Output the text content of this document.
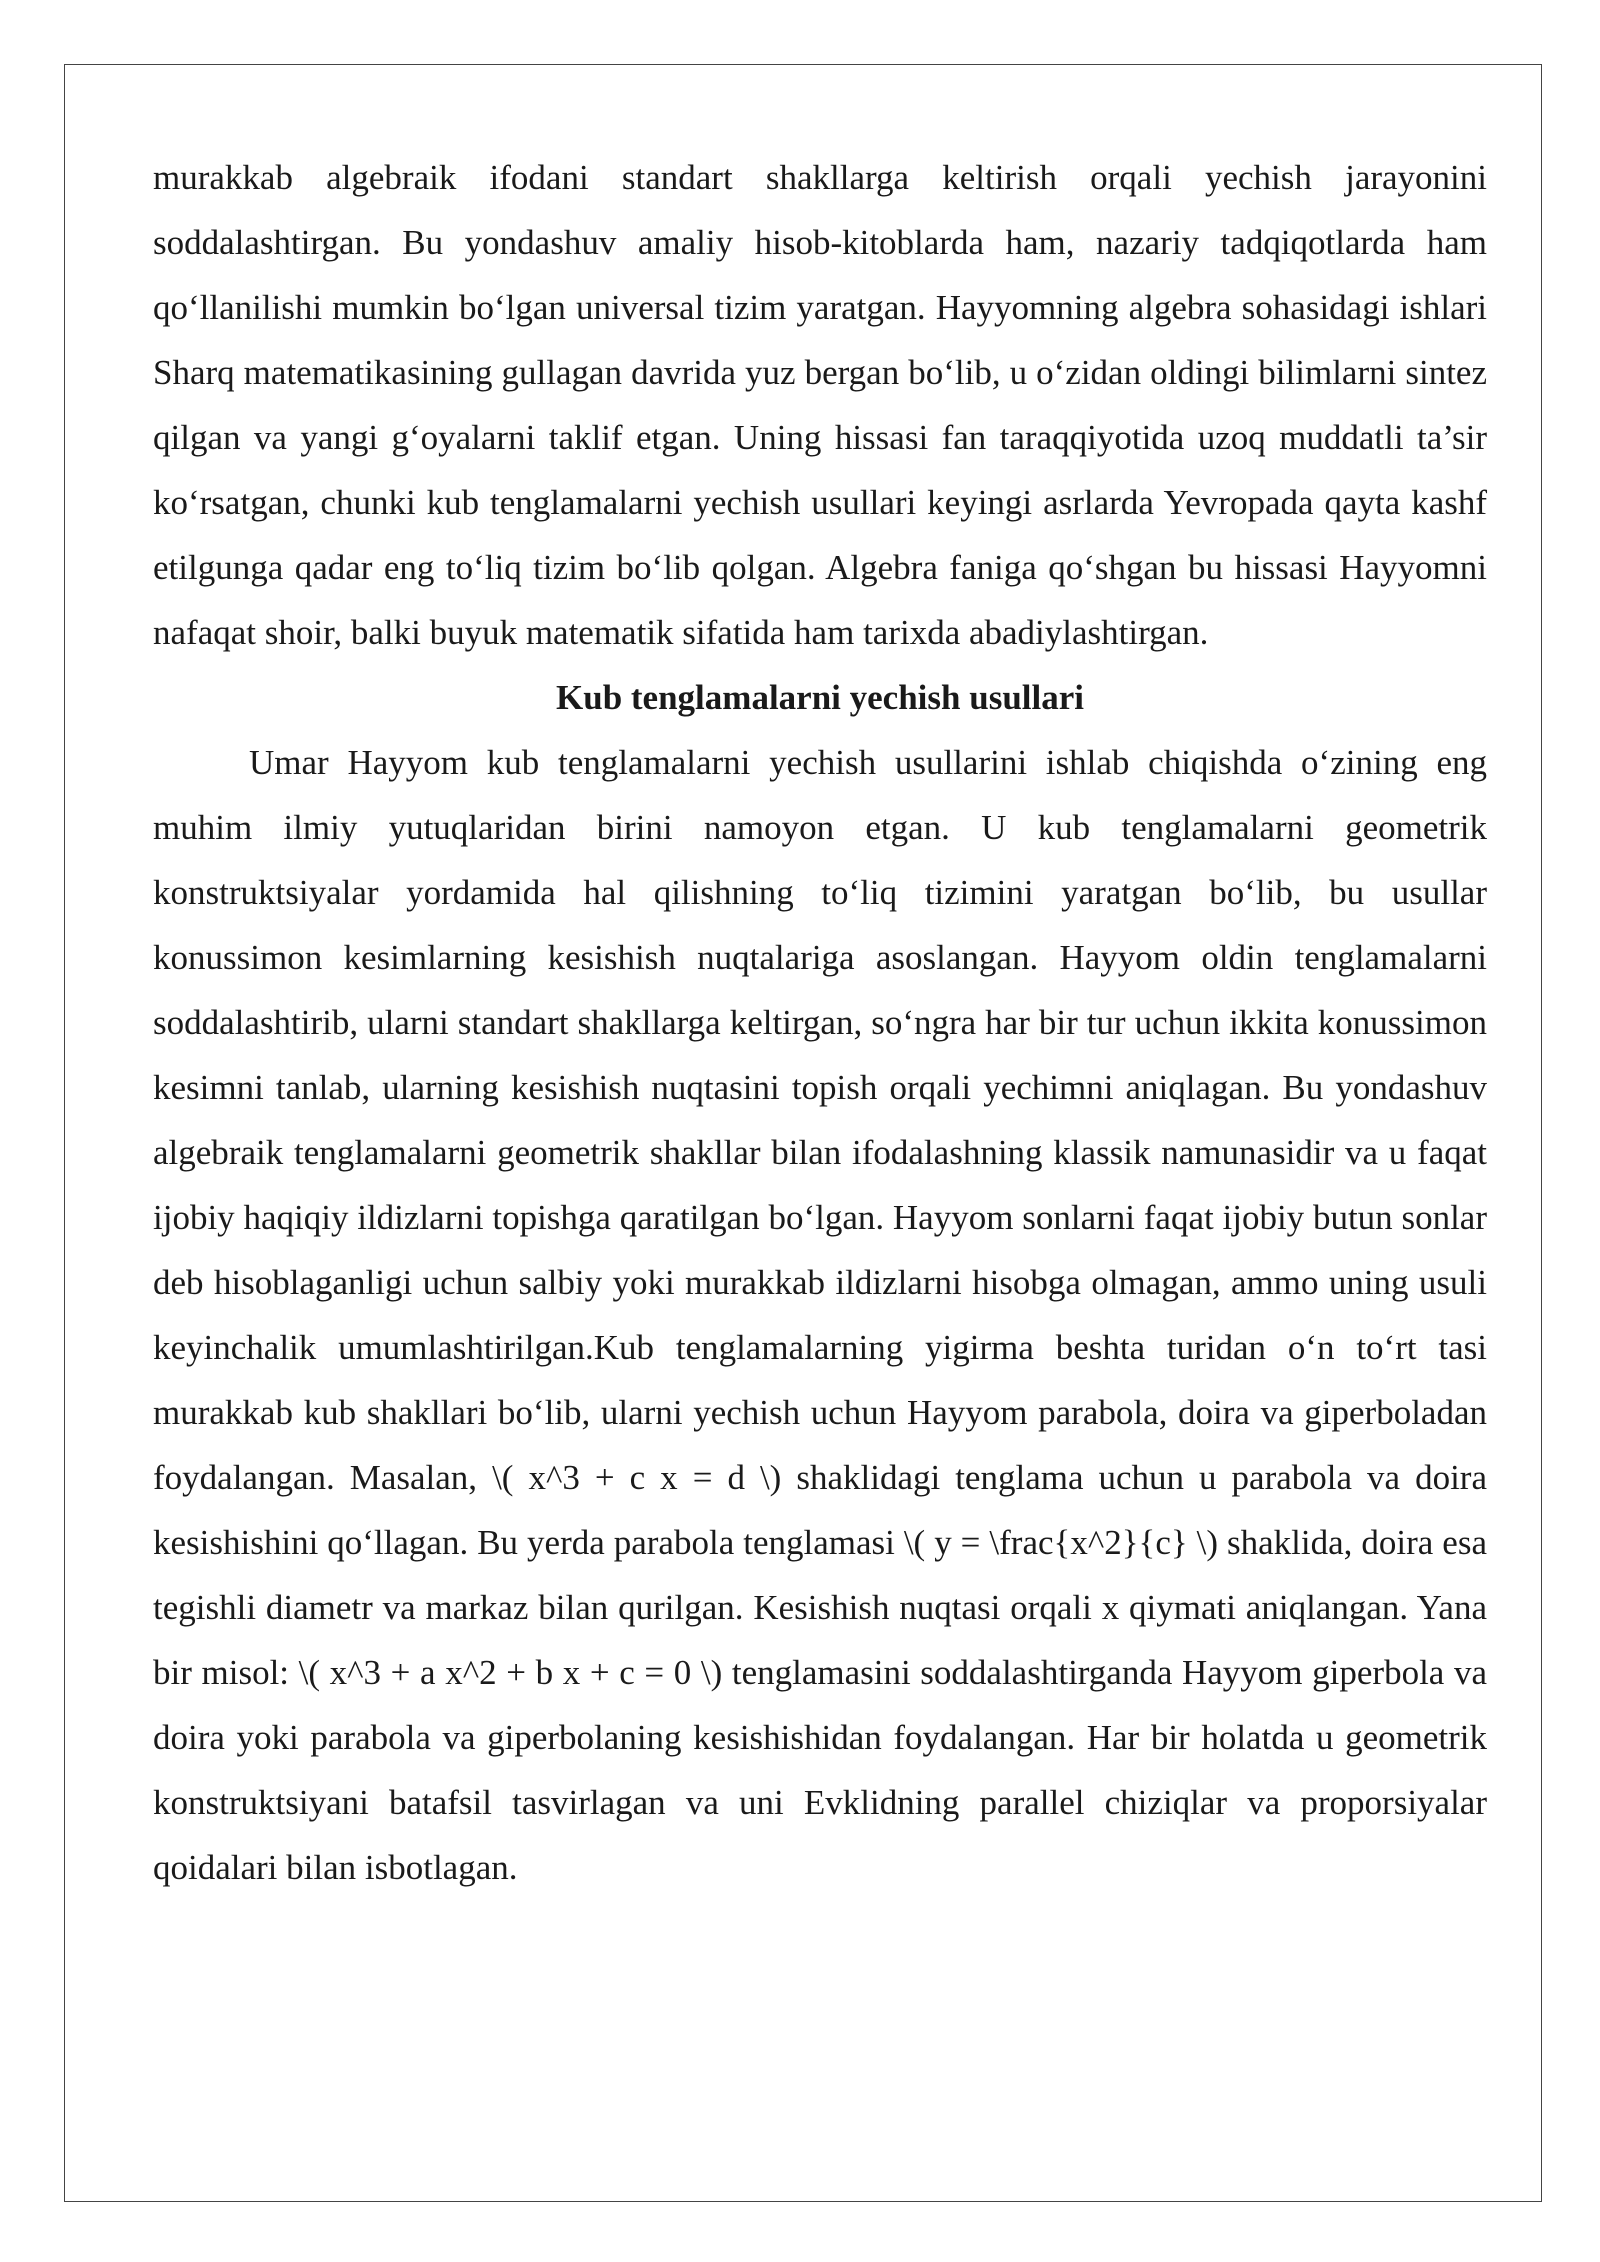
murakkab algebraik ifodani standart shakllarga keltirish orqali yechish jarayonini soddalashtirgan. Bu yondashuv amaliy hisob-kitoblarda ham, nazariy tadqiqotlarda ham qo‘llanilishi mumkin bo‘lgan universal tizim yaratgan. Hayyomning algebra sohasidagi ishlari Sharq matematikasining gullagan davrida yuz bergan bo‘lib, u o‘zidan oldingi bilimlarni sintez qilgan va yangi g‘oyalarni taklif etgan. Uning hissasi fan taraqqiyotida uzoq muddatli ta’sir ko‘rsatgan, chunki kub tenglamalarni yechish usullari keyingi asrlarda Yevropada qayta kashf etilgunga qadar eng to‘liq tizim bo‘lib qolgan. Algebra faniga qo‘shgan bu hissasi Hayyomni nafaqat shoir, balki buyuk matematik sifatida ham tarixda abadiylashtirgan.

Kub tenglamalarni yechish usullari

Umar Hayyom kub tenglamalarni yechish usullarini ishlab chiqishda o‘zining eng muhim ilmiy yutuqlaridan birini namoyon etgan. U kub tenglamalarni geometrik konstruktsiyalar yordamida hal qilishning to‘liq tizimini yaratgan bo‘lib, bu usullar konussimon kesimlarning kesishish nuqtalariga asoslangan. Hayyom oldin tenglamalarni soddalashtirib, ularni standart shakllarga keltirgan, so‘ngra har bir tur uchun ikkita konussimon kesimni tanlab, ularning kesishish nuqtasini topish orqali yechimni aniqlagan. Bu yondashuv algebraik tenglamalarni geometrik shakllar bilan ifodalashning klassik namunasidir va u faqat ijobiy haqiqiy ildizlarni topishga qaratilgan bo‘lgan. Hayyom sonlarni faqat ijobiy butun sonlar deb hisoblaganligi uchun salbiy yoki murakkab ildizlarni hisobga olmagan, ammo uning usuli keyinchalik umumlashtirilgan.Kub tenglamalarning yigirma beshta turidan o‘n to‘rt tasi murakkab kub shakllari bo‘lib, ularni yechish uchun Hayyom parabola, doira va giperboladan foydalangan. Masalan, \( x^3 + c x = d \) shaklidagi tenglama uchun u parabola va doira kesishishini qo‘llagan. Bu yerda parabola tenglamasi \( y = \frac{x^2}{c} \) shaklida, doira esa tegishli diametr va markaz bilan qurilgan. Kesishish nuqtasi orqali x qiymati aniqlangan. Yana bir misol: \( x^3 + a x^2 + b x + c = 0 \) tenglamasini soddalashtirganda Hayyom giperbola va doira yoki parabola va giperbolaning kesishishidan foydalangan. Har bir holatda u geometrik konstruktsiyani batafsil tasvirlagan va uni Evklidning parallel chiziqlar va proporsiyalar qoidalari bilan isbotlagan.
